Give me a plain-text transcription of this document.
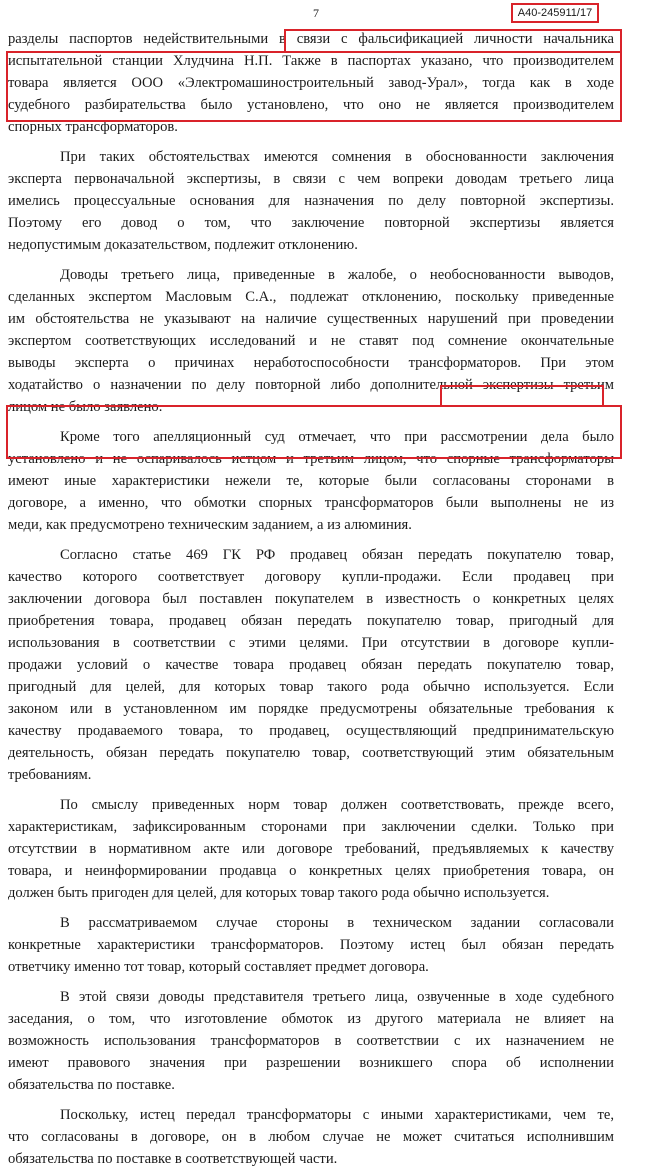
7	А40-245911/17
разделы паспортов недействительными в связи с фальсификацией личности начальника
испытательной станции Хлудчина Н.П. Также в паспортах указано, что производителем
товара является ООО «Электромашиностроительный завод-Урал», тогда как в ходе
судебного разбирательства было установлено, что оно не является производителем
спорных трансформаторов.
При таких обстоятельствах имеются сомнения в обоснованности заключения
эксперта первоначальной экспертизы, в связи с чем вопреки доводам третьего лица
имелись процессуальные основания для назначения по делу повторной экспертизы.
Поэтому его довод о том, что заключение повторной экспертизы является
недопустимым доказательством, подлежит отклонению.
Доводы третьего лица, приведенные в жалобе, о необоснованности выводов,
сделанных экспертом Масловым С.А., подлежат отклонению, поскольку приведенные
им обстоятельства не указывают на наличие существенных нарушений при проведении
экспертом соответствующих исследований и не ставят под сомнение окончательные
выводы эксперта о причинах неработоспособности трансформаторов. При этом
ходатайство о назначении по делу повторной либо дополнительной экспертизы третьим
лицом не было заявлено.
Кроме того апелляционный суд отмечает, что при рассмотрении дела было
установлено и не оспаривалось истцом и третьим лицом, что спорные трансформаторы
имеют иные характеристики нежели те, которые были согласованы сторонами в
договоре, а именно, что обмотки спорных трансформаторов были выполнены не из
меди, как предусмотрено техническим заданием, а из алюминия.
Согласно статье 469 ГК РФ продавец обязан передать покупателю товар,
качество которого соответствует договору купли-продажи. Если продавец при
заключении договора был поставлен покупателем в известность о конкретных целях
приобретения товара, продавец обязан передать покупателю товар, пригодный для
использования в соответствии с этими целями. При отсутствии в договоре купли-
продажи условий о качестве товара продавец обязан передать покупателю товар,
пригодный для целей, для которых товар такого рода обычно используется. Если
законом или в установленном им порядке предусмотрены обязательные требования к
качеству продаваемого товара, то продавец, осуществляющий предпринимательскую
деятельность, обязан передать покупателю товар, соответствующий этим обязательным
требованиям.
По смыслу приведенных норм товар должен соответствовать, прежде всего,
характеристикам, зафиксированным сторонами при заключении сделки. Только при
отсутствии в нормативном акте или договоре требований, предъявляемых к качеству
товара, и неинформировании продавца о конкретных целях приобретения товара, он
должен быть пригоден для целей, для которых товар такого рода обычно используется.
В рассматриваемом случае стороны в техническом задании согласовали
конкретные характеристики трансформаторов. Поэтому истец был обязан передать
ответчику именно тот товар, который составляет предмет договора.
В этой связи доводы представителя третьего лица, озвученные в ходе судебного
заседания, о том, что изготовление обмоток из другого материала не влияет на
возможность использования трансформаторов в соответствии с их назначением не
имеют правового значения при разрешении возникшего спора об исполнении
обязательства по поставке.
Поскольку, истец передал трансформаторы с иными характеристиками, чем те,
что согласованы в договоре, он в любом случае не может считаться исполнившим
обязательства по поставке в соответствующей части.
